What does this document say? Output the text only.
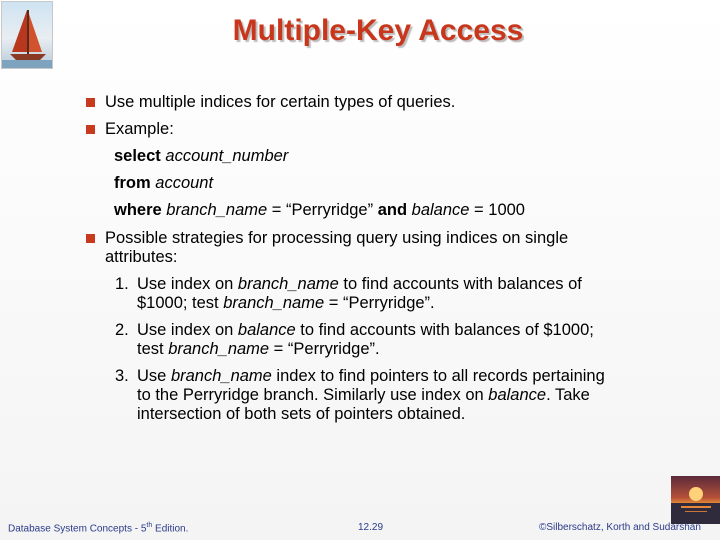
Multiple-Key Access
Use multiple indices for certain types of queries.
Example:
select account_number
from account
where branch_name = “Perryridge” and balance = 1000
Possible strategies for processing query using indices on single
attributes:
1. Use index on branch_name to find accounts with balances of
$1000; test branch_name = “Perryridge”.
2. Use index on balance to find accounts with balances of $1000;
test branch_name = “Perryridge”.
3. Use branch_name index to find pointers to all records pertaining
to the Perryridge branch. Similarly use index on balance. Take
intersection of both sets of pointers obtained.
Database System Concepts - 5th Edition.	12.29	©Silberschatz, Korth and Sudarshan
